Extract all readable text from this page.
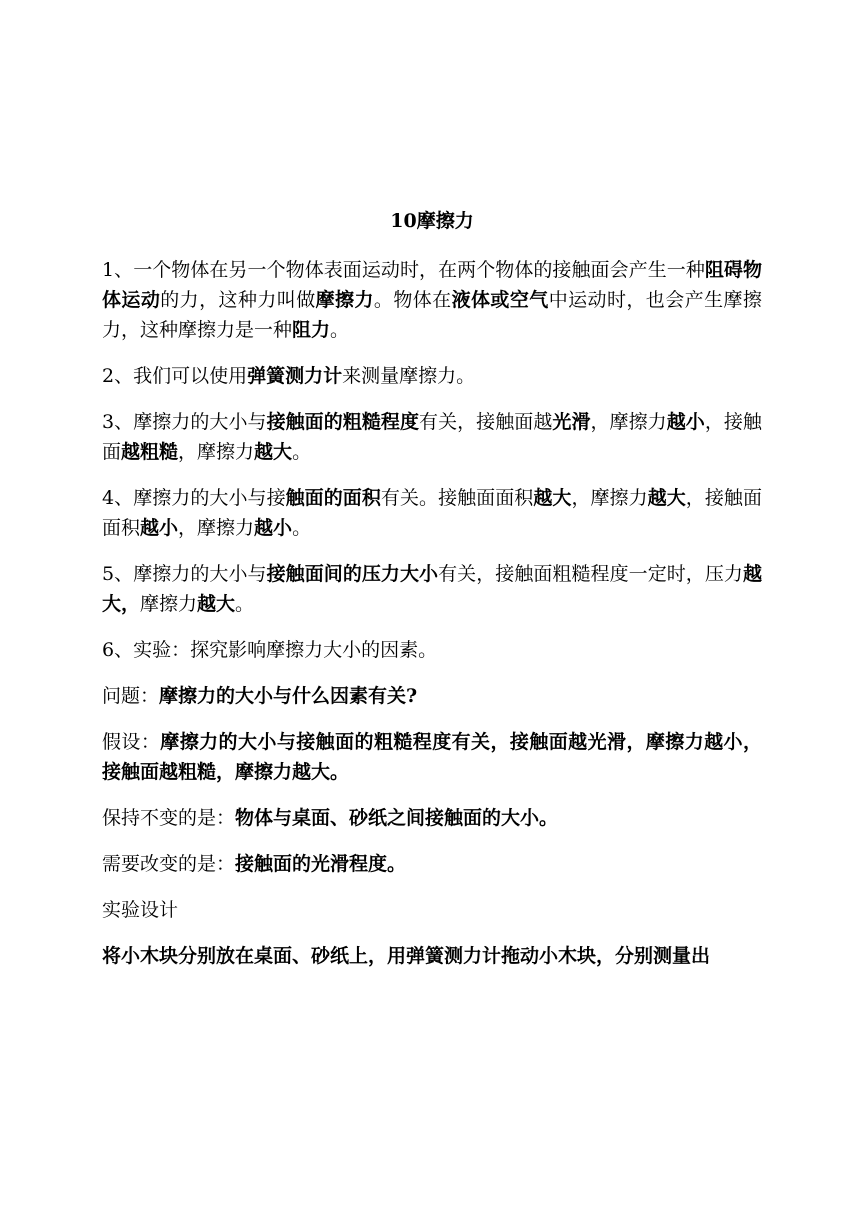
10摩擦力

1、一个物体在另一个物体表面运动时，在两个物体的接触面会产生一种阻碍物体运动的力，这种力叫做摩擦力。物体在液体或空气中运动时，也会产生摩擦力，这种摩擦力是一种阻力。

2、我们可以使用弹簧测力计来测量摩擦力。

3、摩擦力的大小与接触面的粗糙程度有关，接触面越光滑，摩擦力越小，接触面越粗糙，摩擦力越大。

4、摩擦力的大小与接触面的面积有关。接触面面积越大，摩擦力越大，接触面面积越小，摩擦力越小。

5、摩擦力的大小与接触面间的压力大小有关，接触面粗糙程度一定时，压力越大，摩擦力越大。

6、实验：探究影响摩擦力大小的因素。

问题：摩擦力的大小与什么因素有关?

假设：摩擦力的大小与接触面的粗糙程度有关，接触面越光滑，摩擦力越小，接触面越粗糙，摩擦力越大。

保持不变的是：物体与桌面、砂纸之间接触面的大小。

需要改变的是：接触面的光滑程度。

实验设计

将小木块分别放在桌面、砂纸上，用弹簧测力计拖动小木块，分别测量出
